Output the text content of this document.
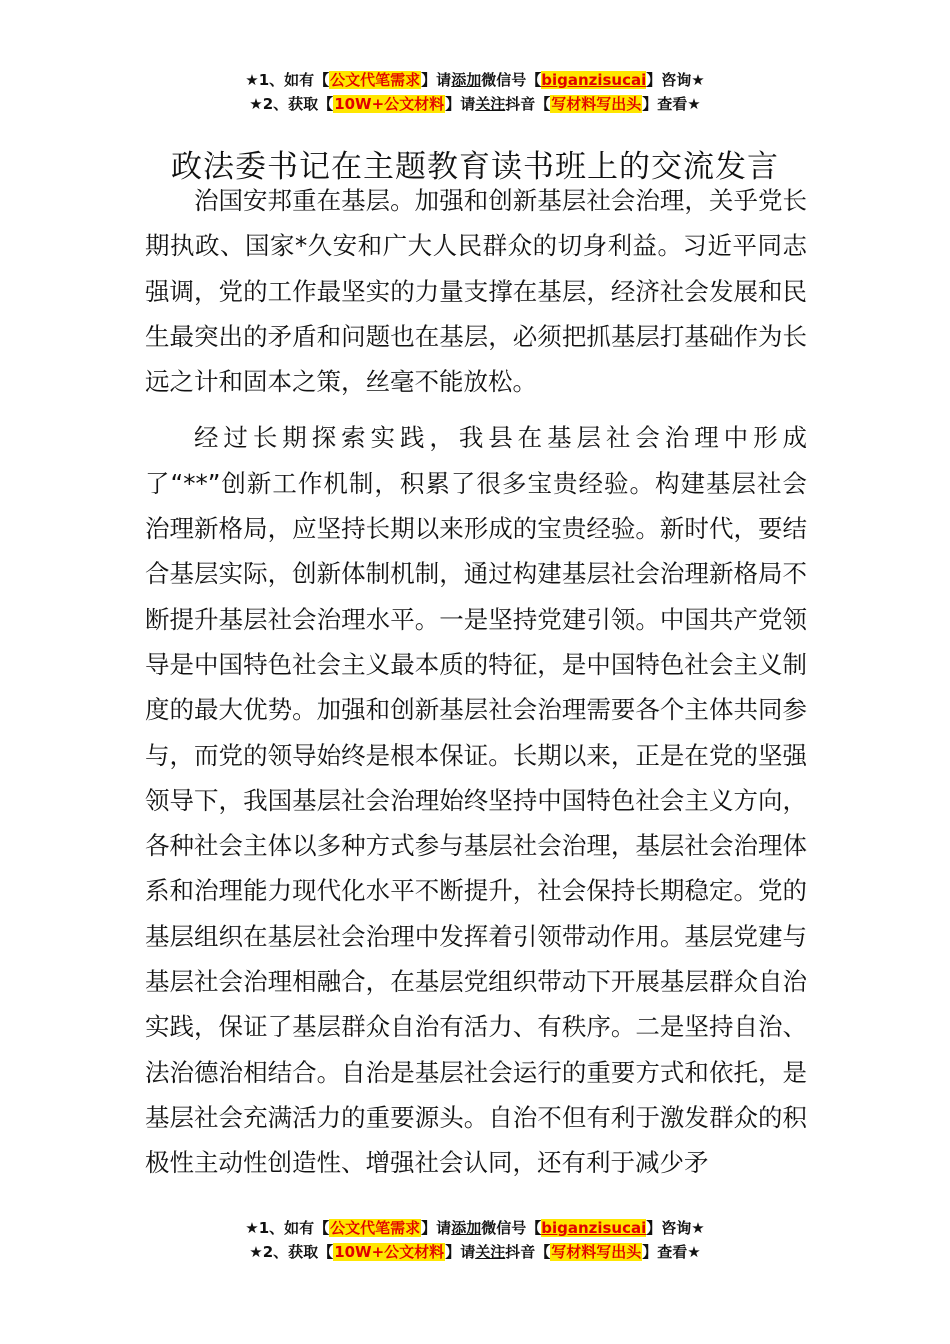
★1、如有【公文代笔需求】请添加微信号【biganzisucai】咨询★
★2、获取【10W+公文材料】请关注抖音【写材料写出头】查看★
政法委书记在主题教育读书班上的交流发言

治国安邦重在基层。加强和创新基层社会治理，关乎党长期执政、国家*久安和广大人民群众的切身利益。习近平同志强调，党的工作最坚实的力量支撑在基层，经济社会发展和民生最突出的矛盾和问题也在基层，必须把抓基层打基础作为长远之计和固本之策，丝毫不能放松。

经过长期探索实践，我县在基层社会治理中形成了“**”创新工作机制，积累了很多宝贵经验。构建基层社会治理新格局，应坚持长期以来形成的宝贵经验。新时代，要结合基层实际，创新体制机制，通过构建基层社会治理新格局不断提升基层社会治理水平。一是坚持党建引领。中国共产党领导是中国特色社会主义最本质的特征，是中国特色社会主义制度的最大优势。加强和创新基层社会治理需要各个主体共同参与，而党的领导始终是根本保证。长期以来，正是在党的坚强领导下，我国基层社会治理始终坚持中国特色社会主义方向，各种社会主体以多种方式参与基层社会治理，基层社会治理体系和治理能力现代化水平不断提升，社会保持长期稳定。党的基层组织在基层社会治理中发挥着引领带动作用。基层党建与基层社会治理相融合，在基层党组织带动下开展基层群众自治实践，保证了基层群众自治有活力、有秩序。二是坚持自治、法治德治相结合。自治是基层社会运行的重要方式和依托，是基层社会充满活力的重要源头。自治不但有利于激发群众的积极性主动性创造性、增强社会认同，还有利于减少矛

★1、如有【公文代笔需求】请添加微信号【biganzisucai】咨询★
★2、获取【10W+公文材料】请关注抖音【写材料写出头】查看★
